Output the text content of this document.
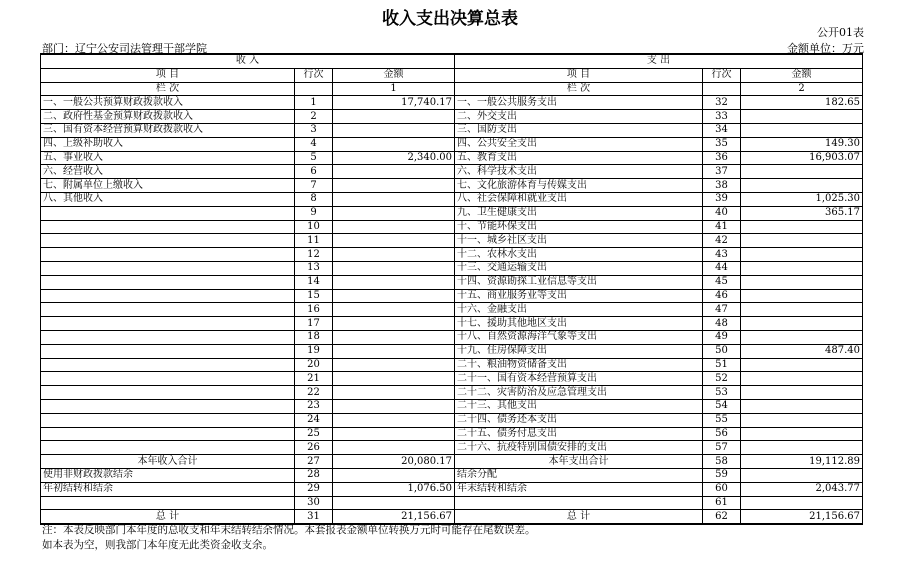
收入支出决算总表
公开01表
部门：辽宁公安司法管理干部学院	金额单位：万元
收 入			支 出		
项 目	行次	金额	项 目	行次	金额
栏 次		1	栏 次		2
一、一般公共预算财政拨款收入	1	17,740.17	一、一般公共服务支出	32	182.65
二、政府性基金预算财政拨款收入	2		二、外交支出	33	
三、国有资本经营预算财政拨款收入	3		三、国防支出	34	
四、上级补助收入	4		四、公共安全支出	35	149.30
五、事业收入	5	2,340.00	五、教育支出	36	16,903.07
六、经营收入	6		六、科学技术支出	37	
七、附属单位上缴收入	7		七、文化旅游体育与传媒支出	38	
八、其他收入	8		八、社会保障和就业支出	39	1,025.30
	9		九、卫生健康支出	40	365.17
	10		十、节能环保支出	41	
	11		十一、城乡社区支出	42	
	12		十二、农林水支出	43	
	13		十三、交通运输支出	44	
	14		十四、资源勘探工业信息等支出	45	
	15		十五、商业服务业等支出	46	
	16		十六、金融支出	47	
	17		十七、援助其他地区支出	48	
	18		十八、自然资源海洋气象等支出	49	
	19		十九、住房保障支出	50	487.40
	20		二十、粮油物资储备支出	51	
	21		二十一、国有资本经营预算支出	52	
	22		二十二、灾害防治及应急管理支出	53	
	23		二十三、其他支出	54	
	24		二十四、债务还本支出	55	
	25		二十五、债务付息支出	56	
	26		二十六、抗疫特别国债安排的支出	57	
本年收入合计	27	20,080.17	本年支出合计	58	19,112.89
使用非财政拨款结余	28		结余分配	59	
年初结转和结余	29	1,076.50	年末结转和结余	60	2,043.77
	30			61	
总 计	31	21,156.67	总 计	62	21,156.67
注：本表反映部门本年度的总收支和年末结转结余情况。本套报表金额单位转换万元时可能存在尾数误差。
如本表为空，则我部门本年度无此类资金收支余。
